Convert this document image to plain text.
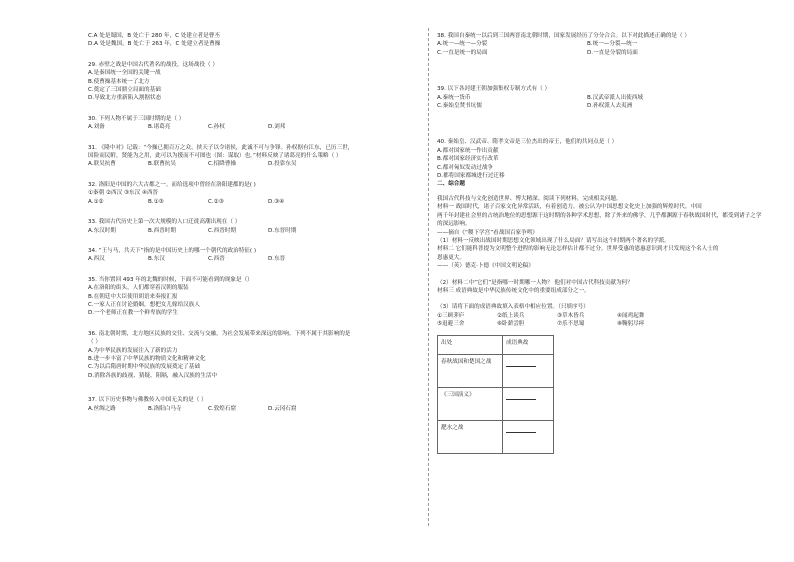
C.A 处是蜀国，B 处亡于 280 年，C 处建立者是曹丕

D.A 处是魏国，B 处亡于 263 年，C 处建立者是曹操

29. 赤壁之战是中国古代著名的战役，这场战役（ ）

A.是秦国统一全国的关键一战

B.使曹操基本统一了北方

C.奠定了三国鼎立局面的基础

D.导致北方重新陷入割据状态

30. 下列人物不属于三国时期的是（ ）

A.刘备	B.诸葛亮	C.孙权	D.刘邦

31. 《隆中对》记载：“今操已拥百万之众，挟天子以令诸侯，此诚不可与争锋。孙权据有江东，已历三世，

国险而民附，贤能为之用，此可以为援而不可图也（图：谋取）也。”材料反映了诸葛亮的什么策略（ ）

A.联吴抗曹	B.联曹抗吴	C.招降曹操	D.投靠东吴

32. 洛阳是中国的六大古都之一。而给选项中曾经在洛阳建都的是( )

①秦朝 ②西汉 ③东汉 ④西晋

A.①②	B.①③	C.②③	D.③④

33. 我国古代历史上第一次大规模的人口迁徙高潮出现在（ ）

A.东汉时期	B.西晋时期	C.西晋时期	D.东晋时期

34. “王与马，共天下”指的是中国历史上的哪一个朝代的政治特征( )

A.西汉	B.东汉	C.西晋	D.东晋

35. 当你置回 493 年的北魏的时候，下面不可能看到的现象是（）

A.在洛阳的街头，人们都穿着汉朝的服装

B.在朝廷中大臣使用胡语来奏报汇报

C.一家人正在讨论婚姻，想把女儿嫁给汉族人

D.一个老师正在教一个鲜卑族的学生

36. 南北朝时期，北方地区民族的交往、交流与交融，为社会发展带来深远的影响。下列不属于其影响的是

（ ）

A.为中华民族的发展注入了新的活力

B.进一步丰富了中华民族的物质文化和精神文化

C.为以后隋唐时期中华民族的发展奠定了基础

D.消除各族的歧视、猜疑、阻隔，融入汉族的生活中

37. 以下历史事物与佛教传入中国无关的是（ ）

A.丝绸之路	B.洛阳白马寺	C.敦煌石窟	D.云冈石窟

38. 我国自秦统一以后到三国两晋南北朝时期，国家发展经历了分分合合。以下对此描述正确的是（ ）

A.统一—统一—分裂	B.统一—分裂—统一
C.一直是统一的局面	D.一直是分裂的局面

39. 以下各封建王朝加强集权专制方式有（ ）

A.秦统一货币	B.汉武帝派人出使西域
C.秦始皇焚书坑儒	D.孙权派人去夷洲

40. 秦始皇、汉武帝、隋孝文帝是三位杰出的帝王，他们的共同点是（ ）

A.都对国家统一作出贡献

B.都对国家经济实行改革

C.都对匈奴发动过战争

D.都将国家都城进行过迁移

二、综合题

我国古代科技与文化创造世界、博大精深。阅读下列材料，完成相关问题。

材料一 战国时代，诸子百家文化异常活跃，有着创造力，被公认为中国思想文化史上加强的辉煌时代。中国

两千年封建社会里的占统治地位的思想源于这时期的各种学术思想，除了外来的佛学，几乎都渊源于春秋战国时代，都受到诸子之学

的深远影响。

——摘自《“稷下学宫”看战国百家争鸣》

（1）材料一反映出战国时期思想文化领域出现了什么局面？请写出这个时期两个著名的学派。

材料二 它们能科普提为文明整个进程的影响无论怎样估计都不过分。世界受惠的恩惠意识到才只发现这个名人士的

恩惠更大。

——（英）德克·卜德《中国文明论稿》

（2）材料二中“它们”是指哪一时期哪一人物？ 他们对中国古代科技贡献为何？

材料三 成语典故是中华民族传统文化中的重要组成部分之一。

（3）请将下面的成语典故填入表格中相应位置。（只填序号）

①三顾茅庐	②纸上谈兵	③草木皆兵	④闻鸡起舞
⑤退避三舍	⑥卧薪尝胆	⑦乐不思蜀	⑧鞠躬尽瘁
出处	成语典故
春秋战国和楚国之战	
《三国演义》	
淝水之战	
